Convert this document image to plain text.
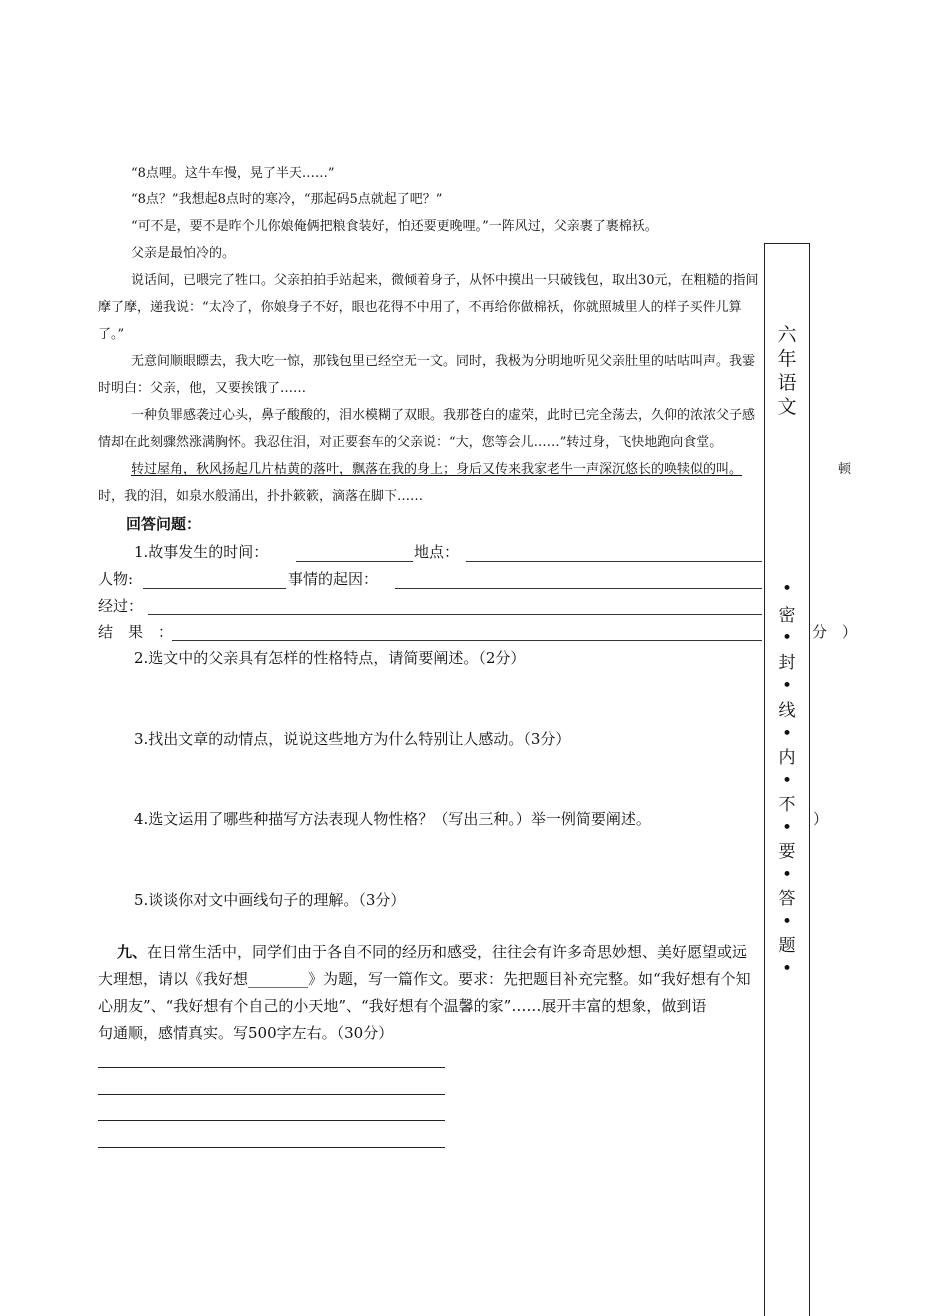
“8点哩。这牛车慢，晃了半天……”
“8点？”我想起8点时的寒冷，“那起码5点就起了吧？”
“可不是，要不是昨个儿你娘俺俩把粮食装好，怕还要更晚哩。”一阵风过，父亲裹了裹棉袄。
父亲是最怕冷的。
说话间，已喂完了牲口。父亲拍拍手站起来，微倾着身子，从怀中摸出一只破钱包，取出30元，在粗糙的指间
摩了摩，递我说：“太冷了，你娘身子不好，眼也花得不中用了，不再给你做棉袄，你就照城里人的样子买件儿算
了。”
无意间顺眼瞟去，我大吃一惊，那钱包里已经空无一文。同时，我极为分明地听见父亲肚里的咕咕叫声。我霎
时明白：父亲，他，又要挨饿了……
一种负罪感袭过心头，鼻子酸酸的，泪水模糊了双眼。我那苍白的虚荣，此时已完全荡去，久仰的浓浓父子感
情却在此刻骤然涨满胸怀。我忍住泪，对正要套车的父亲说：“大，您等会儿……”转过身，飞快地跑向食堂。
转过屋角，秋风扬起几片枯黄的落叶，飘落在我的身上；身后又传来我家老牛一声深沉悠长的唤犊似的叫。	顿
时，我的泪，如泉水般涌出，扑扑簌簌，滴落在脚下……
回答问题：
1.故事发生的时间：	地点：
人物:	事情的起因：
经过：
结　果　：	分　）
2.选文中的父亲具有怎样的性格特点，请简要阐述。（2分）
3.找出文章的动情点，说说这些地方为什么特别让人感动。（3分）
4.选文运用了哪些种描写方法表现人物性格？（写出三种。）举一例简要阐述。	）
5.谈谈你对文中画线句子的理解。（3分）
九、 在日常生活中，同学们由于各自不同的经历和感受，往往会有许多奇思妙想、美好愿望或远
大理想，请以《我好想________》为题，写一篇作文。要求：先把题目补充完整。如“我好想有个知
心朋友”、“我好想有个自己的小天地”、“我好想有个温馨的家”……展开丰富的想象，做到语
句通顺，感情真实。写500字左右。（30分）
六
年
语
文
•
密
•
封
•
线
•
内
•
不
•
要
•
答
•
题
•
